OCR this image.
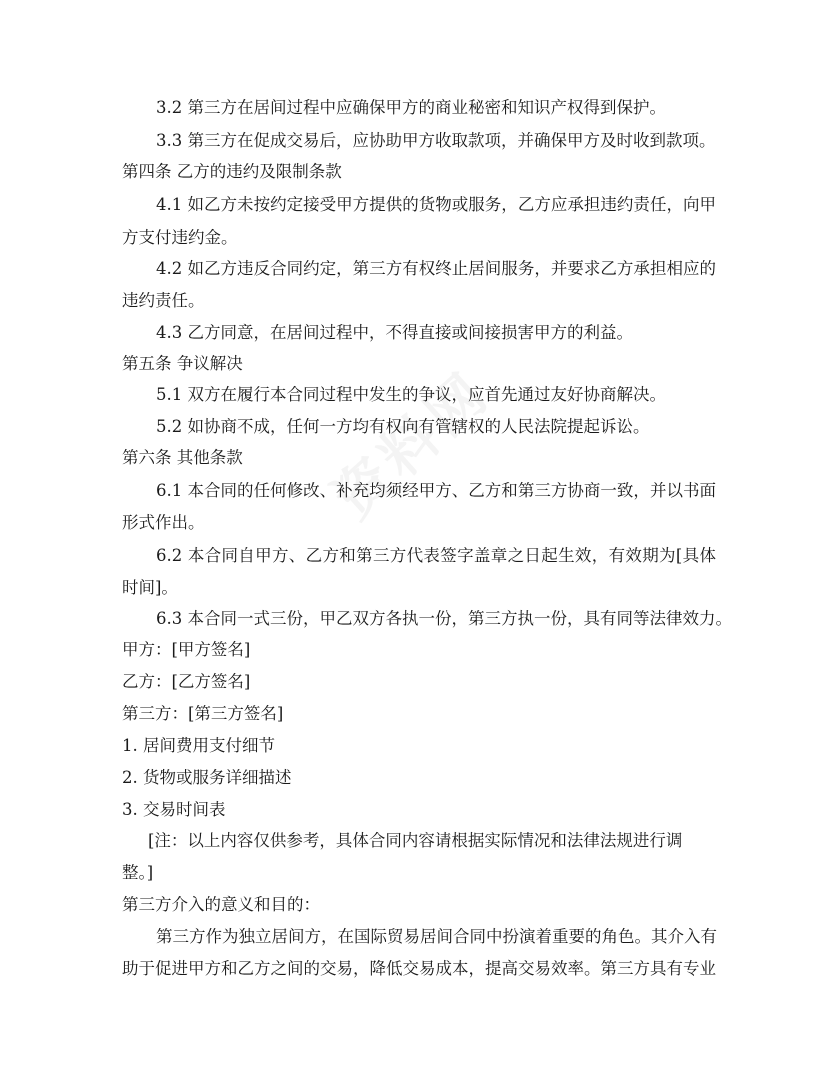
3.2 第三方在居间过程中应确保甲方的商业秘密和知识产权得到保护。
3.3 第三方在促成交易后，应协助甲方收取款项，并确保甲方及时收到款项。
第四条 乙方的违约及限制条款
4.1 如乙方未按约定接受甲方提供的货物或服务，乙方应承担违约责任，向甲
方支付违约金。
4.2 如乙方违反合同约定，第三方有权终止居间服务，并要求乙方承担相应的
违约责任。
4.3 乙方同意，在居间过程中，不得直接或间接损害甲方的利益。
第五条 争议解决
5.1 双方在履行本合同过程中发生的争议，应首先通过友好协商解决。
5.2 如协商不成，任何一方均有权向有管辖权的人民法院提起诉讼。
第六条 其他条款
6.1 本合同的任何修改、补充均须经甲方、乙方和第三方协商一致，并以书面
形式作出。
6.2 本合同自甲方、乙方和第三方代表签字盖章之日起生效，有效期为[具体
时间]。
6.3 本合同一式三份，甲乙双方各执一份，第三方执一份，具有同等法律效力。
甲方：[甲方签名]
乙方：[乙方签名]
第三方：[第三方签名]
1. 居间费用支付细节
2. 货物或服务详细描述
3. 交易时间表
[注：以上内容仅供参考，具体合同内容请根据实际情况和法律法规进行调
整。]
第三方介入的意义和目的：
第三方作为独立居间方，在国际贸易居间合同中扮演着重要的角色。其介入有
助于促进甲方和乙方之间的交易，降低交易成本，提高交易效率。第三方具有专业
